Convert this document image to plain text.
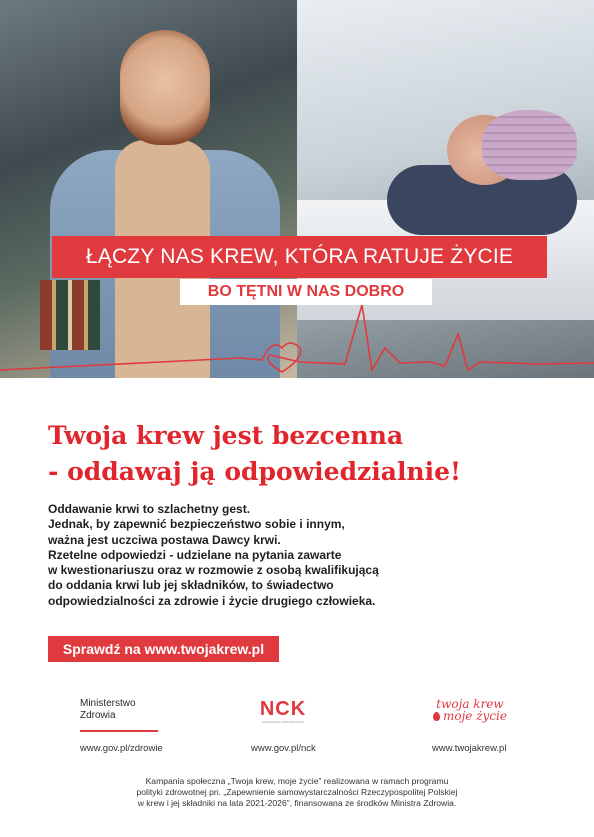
ŁĄCZY NAS KREW, KTÓRA RATUJE ŻYCIE
BO TĘTNI W NAS DOBRO
Twoja krew jest bezcenna
- oddawaj ją odpowiedzialnie!
Oddawanie krwi to szlachetny gest.
Jednak, by zapewnić bezpieczeństwo sobie i innym,
ważna jest uczciwa postawa Dawcy krwi.
Rzetelne odpowiedzi - udzielane na pytania zawarte
w kwestionariuszu oraz w rozmowie z osobą kwalifikującą
do oddania krwi lub jej składników, to świadectwo
odpowiedzialności za zdrowie i życie drugiego człowieka.
Sprawdź na www.twojakrew.pl
Ministerstwo
Zdrowia	NCK
NARODOWE CENTRUM KRWI
twoja krew
moje życie
www.gov.pl/zdrowie	www.gov.pl/nck	www.twojakrew.pl
Kampania społeczna „Twoja krew, moje życie” realizowana w ramach programu
polityki zdrowotnej pn. „Zapewnienie samowystarczalności Rzeczypospolitej Polskiej
w krew i jej składniki na lata 2021-2026”, finansowana ze środków Ministra Zdrowia.
